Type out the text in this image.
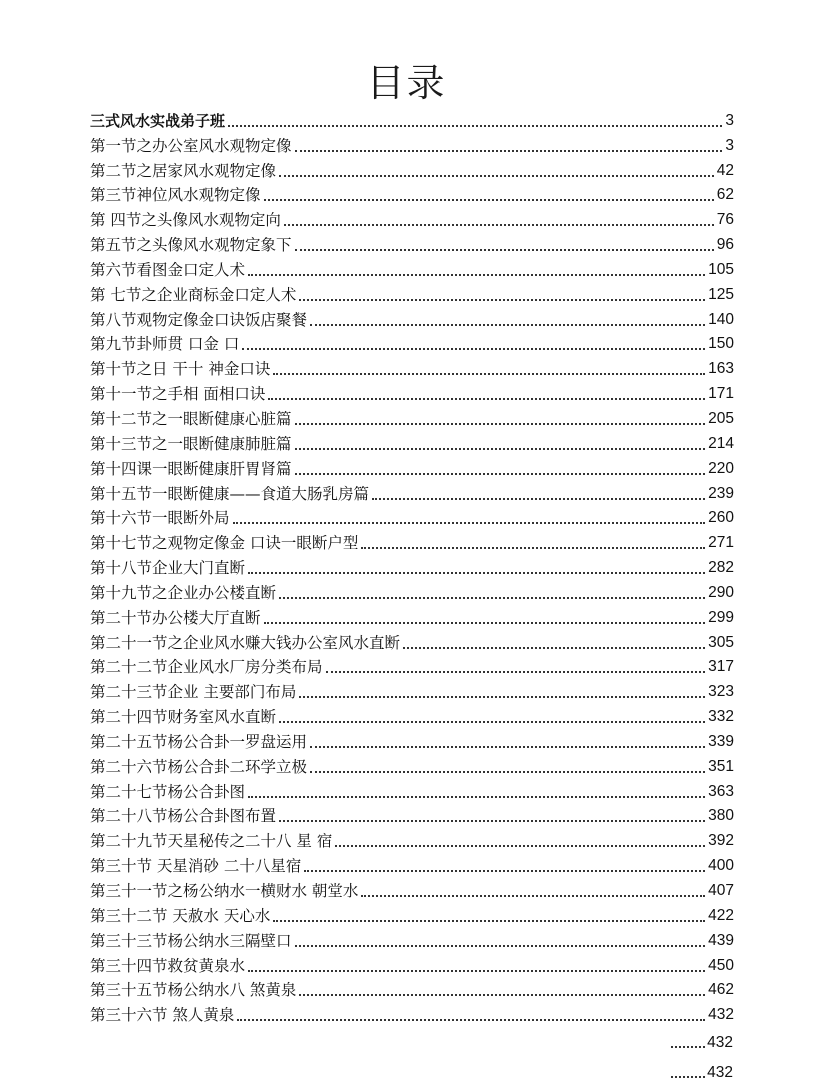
目录
三式风水实战弟子班	3
第一节之办公室风水观物定像	3
第二节之居家风水观物定像	42
第三节神位风水观物定像	62
第 四节之头像风水观物定向	76
第五节之头像风水观物定象下	96
第六节看图金口定人术	105
第 七节之企业商标金口定人术	125
第八节观物定像金口诀饭店聚餐	140
第九节卦师贯 口金 口	150
第十节之日 干十 神金口诀	163
第十一节之手相 面相口诀	171
第十二节之一眼断健康心脏篇	205
第十三节之一眼断健康肺脏篇	214
第十四课一眼断健康肝胃肾篇	220
第十五节一眼断健康——食道大肠乳房篇	239
第十六节一眼断外局	260
第十七节之观物定像金 口诀一眼断户型	271
第十八节企业大门直断	282
第十九节之企业办公楼直断	290
第二十节办公楼大厅直断	299
第二十一节之企业风水赚大钱办公室风水直断	305
第二十二节企业风水厂房分类布局	317
第二十三节企业 主要部门布局	323
第二十四节财务室风水直断	332
第二十五节杨公合卦一罗盘运用	339
第二十六节杨公合卦二环学立极	351
第二十七节杨公合卦图	363
第二十八节杨公合卦图布置	380
第二十九节天星秘传之二十八 星 宿	392
第三十节 天星消砂 二十八星宿	400
第三十一节之杨公纳水一横财水 朝堂水	407
第三十二节 天赦水 天心水	422
第三十三节杨公纳水三隔壁口	439
第三十四节救贫黄泉水	450
第三十五节杨公纳水八 煞黄泉	462
第三十六节 煞人黄泉	432
432
432
